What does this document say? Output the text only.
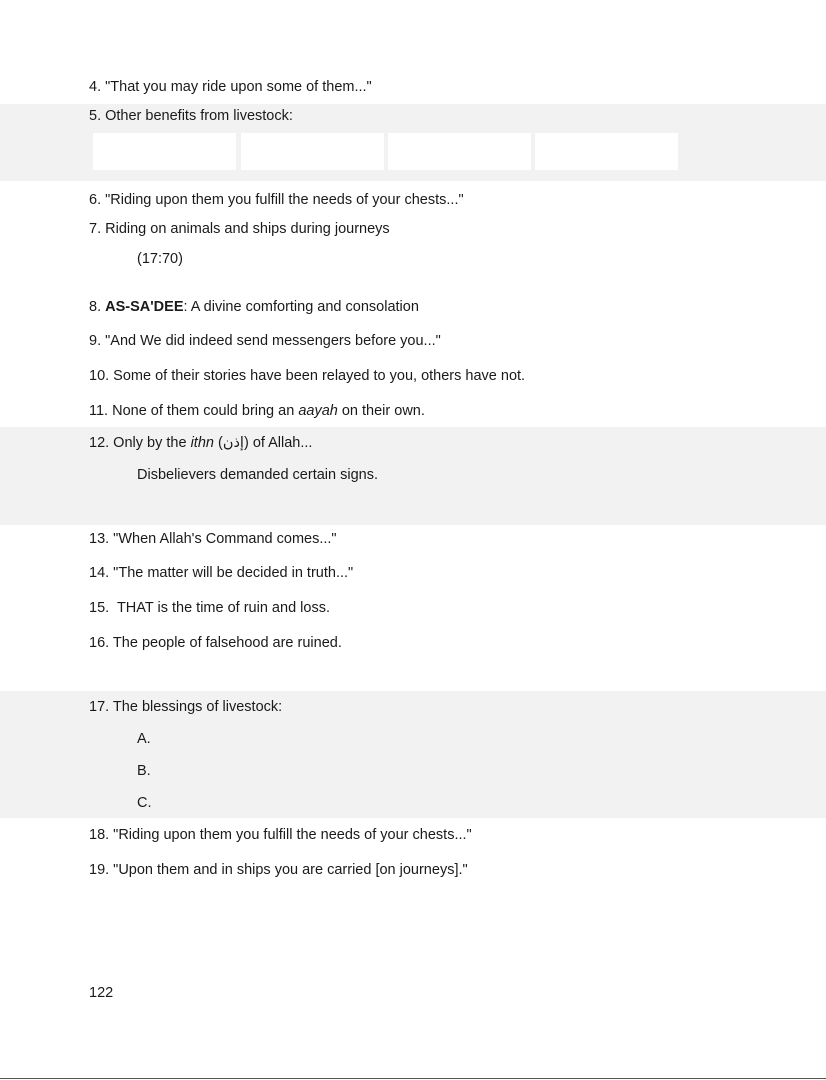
4. "That you may ride upon some of them..."
5. Other benefits from livestock:
6. "Riding upon them you fulfill the needs of your chests..."
7. Riding on animals and ships during journeys
(17:70)
8. AS-SA'DEE: A divine comforting and consolation
9. "And We did indeed send messengers before you..."
10. Some of their stories have been relayed to you, others have not.
11. None of them could bring an aayah on their own.
12. Only by the ithn (إذن) of Allah...
Disbelievers demanded certain signs.
13. "When Allah's Command comes..."
14. "The matter will be decided in truth..."
15.  THAT is the time of ruin and loss.
16. The people of falsehood are ruined.
17. The blessings of livestock:
A.
B.
C.
18. "Riding upon them you fulfill the needs of your chests..."
19. "Upon them and in ships you are carried [on journeys]."
122
